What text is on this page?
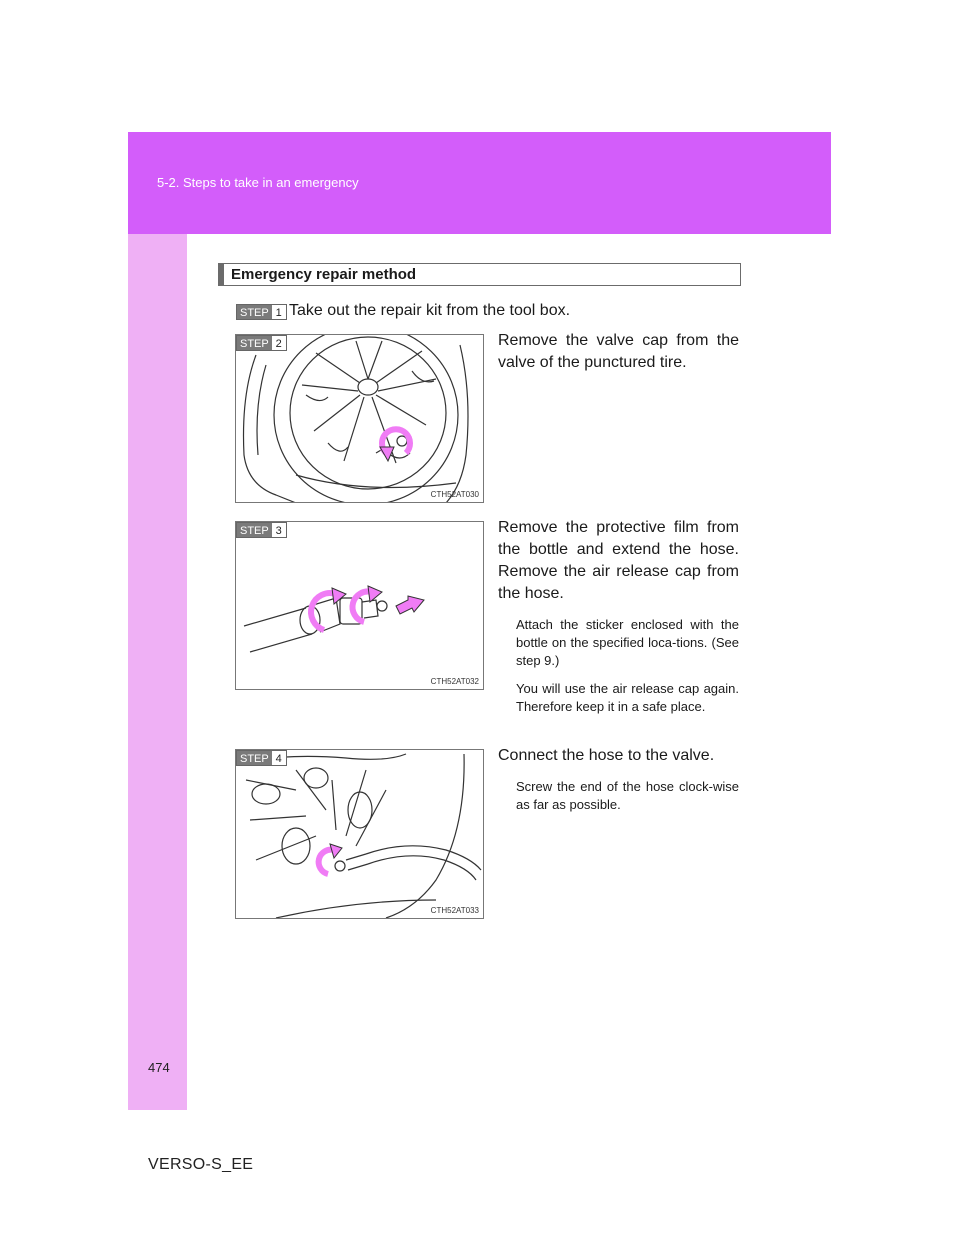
5-2. Steps to take in an emergency
Emergency repair method
STEP 1 Take out the repair kit from the tool box.
CTH52AT030
STEP 2	Remove the valve cap from the valve of the punctured tire.
CTH52AT032
STEP 3	Remove the protective film from the bottle and extend the hose. Remove the air release cap from the hose.
Attach the sticker enclosed with the bottle on the specified loca-tions. (See step 9.)
You will use the air release cap again. Therefore keep it in a safe place.
CTH52AT033
STEP 4	Connect the hose to the valve.
Screw the end of the hose clock-wise as far as possible.
474
VERSO-S_EE
